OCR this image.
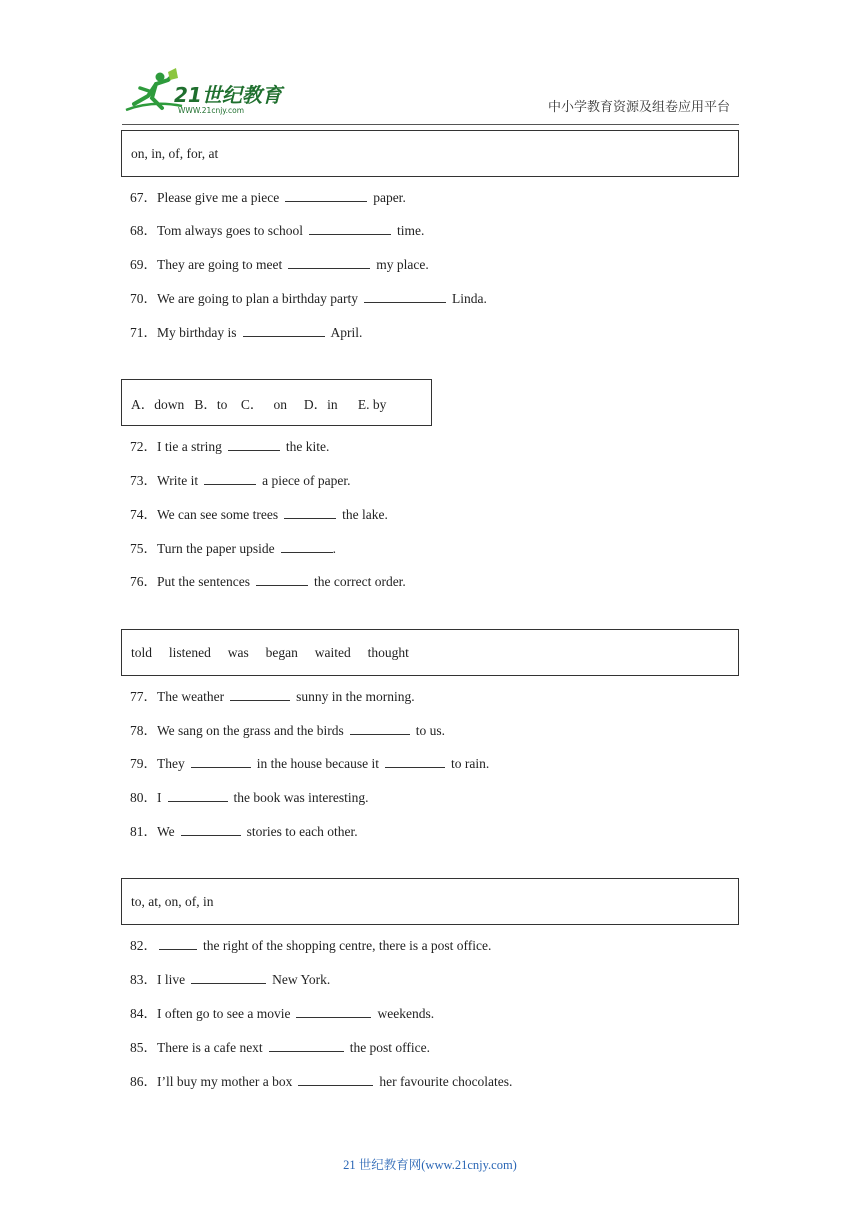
21世纪教育
WWW.21cnjy.com	中小学教育资源及组卷应用平台
on, in, of, for, at
67．Please give me a piece	paper.
68．Tom always goes to school	time.
69．They are going to meet	my place.
70．We are going to plan a birthday party	Linda.
71．My birthday is	April.
A．down   B．to    C．   on     D．in      E. by
72．I tie a string	the kite.
73．Write it	a piece of paper.
74．We can see some trees	the lake.
75．Turn the paper upside	.
76．Put the sentences	the correct order.
told     listened     was     began     waited     thought
77．The weather	sunny in the morning.
78．We sang on the grass and the birds	to us.
79．They	in the house because it	to rain.
80．I	the book was interesting.
81．We	stories to each other.
to, at, on, of, in
82．	the right of the shopping centre, there is a post office.
83．I live	New York.
84．I often go to see a movie	weekends.
85．There is a cafe next	the post office.
86．I’ll buy my mother a box	her favourite chocolates.
21 世纪教育网(www.21cnjy.com)
